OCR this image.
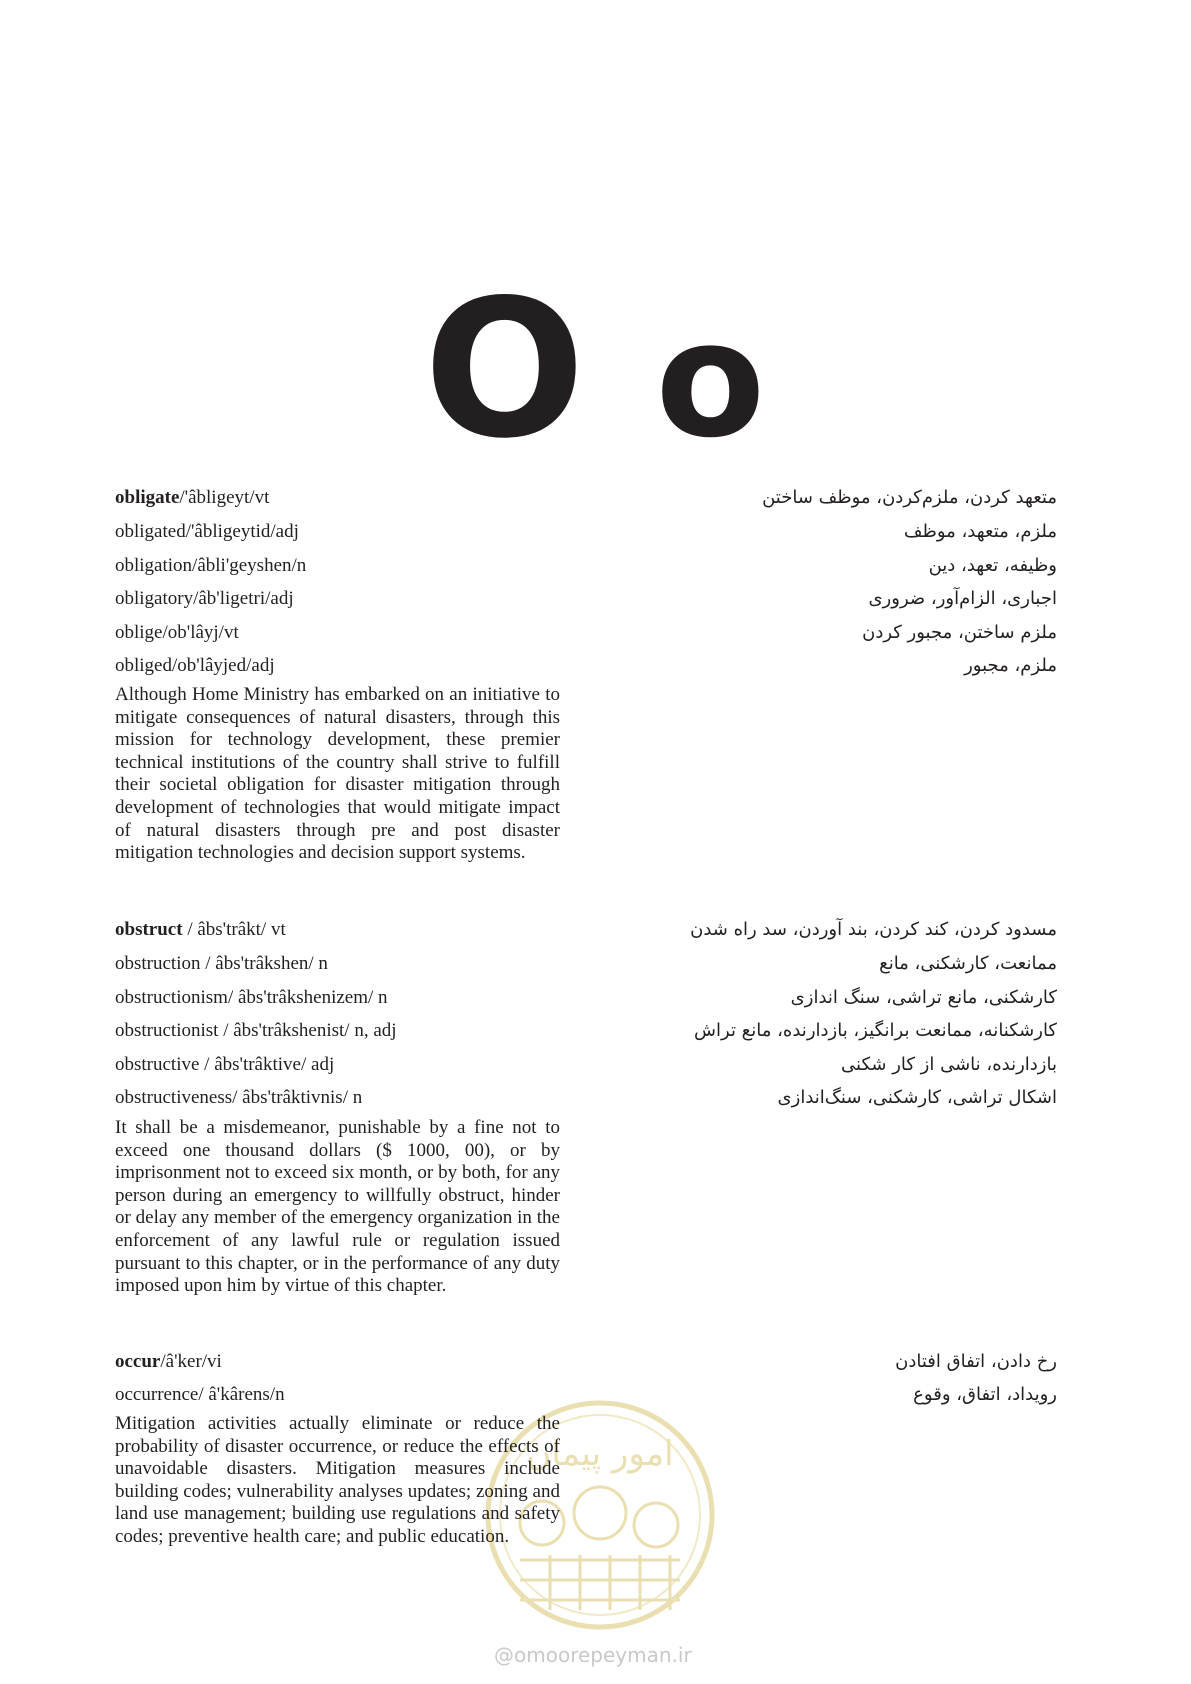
امور پیمان
@omoorepeyman.ir
O o
obligate/'âbligeyt/vt	متعهد کردن، ملزم‌کردن، موظف ساختن
obligated/'âbligeytid/adj	ملزم، متعهد، موظف
obligation/âbli'geyshen/n	وظیفه، تعهد، دین
obligatory/âb'ligetri/adj	اجباری، الزام‌آور، ضروری
oblige/ob'lâyj/vt	ملزم ساختن، مجبور کردن
obliged/ob'lâyjed/adj	ملزم، مجبور

Although Home Ministry has embarked on an initiative to mitigate consequences of natural disasters, through this mission for technology development, these premier technical institutions of the country shall strive to fulfill their societal obligation for disaster mitigation through development of technologies that would mitigate impact of natural disasters through pre and post disaster mitigation technologies and decision support systems.

obstruct / âbs'trâkt/ vt	مسدود کردن، کند کردن، بند آوردن، سد راه شدن
obstruction / âbs'trâkshen/ n	ممانعت، کارشکنی، مانع
obstructionism/ âbs'trâkshenizem/ n	کارشکنی، مانع تراشی، سنگ اندازی
obstructionist / âbs'trâkshenist/ n, adj	کارشکنانه، ممانعت برانگیز، بازدارنده، مانع تراش
obstructive / âbs'trâktive/ adj	بازدارنده، ناشی از کار شکنی
obstructiveness/ âbs'trâktivnis/ n	اشکال تراشی، کارشکنی، سنگ‌اندازی

It shall be a misdemeanor, punishable by a fine not to exceed one thousand dollars ($ 1000, 00), or by imprisonment not to exceed six month, or by both, for any person during an emergency to willfully obstruct, hinder or delay any member of the emergency organization in the enforcement of any lawful rule or regulation issued pursuant to this chapter, or in the performance of any duty imposed upon him by virtue of this chapter.

occur/â'ker/vi	رخ دادن، اتفاق افتادن
occurrence/ â'kârens/n	رویداد، اتفاق، وقوع

Mitigation activities actually eliminate or reduce the probability of disaster occurrence, or reduce the effects of unavoidable disasters. Mitigation measures include building codes; vulnerability analyses updates; zoning and land use management; building use regulations and safety codes; preventive health care; and public education.
